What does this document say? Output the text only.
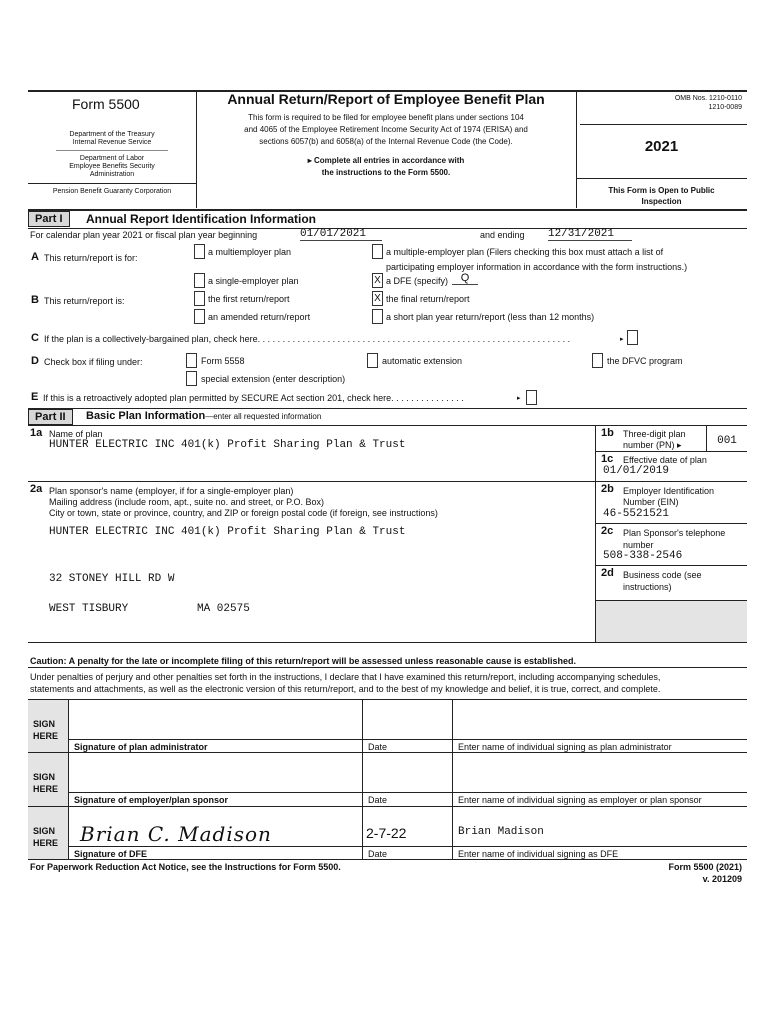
Form 5500
Department of the Treasury
Internal Revenue Service
Department of Labor
Employee Benefits Security
Administration
Pension Benefit Guaranty Corporation
Annual Return/Report of Employee Benefit Plan
This form is required to be filed for employee benefit plans under sections 104
and 4065 of the Employee Retirement Income Security Act of 1974 (ERISA) and
sections 6057(b) and 6058(a) of the Internal Revenue Code (the Code).
▸ Complete all entries in accordance with
the instructions to the Form 5500.
OMB Nos. 1210-0110
1210-0089
2021
This Form is Open to Public
Inspection
Part I	Annual Report Identification Information
For calendar plan year 2021 or fiscal plan year beginning	01/01/2021	and ending 12/31/2021
A This return/report is for:
a multiemployer plan	a multiple-employer plan (Filers checking this box must attach a list of
participating employer information in accordance with the form instructions.)
a single-employer plan	X a DFE (specify)	Q
B This return/report is:	the first return/report	X the final return/report
an amended return/report	a short plan year return/report (less than 12 months)
C If the plan is a collectively-bargained plan, check here. . . . . . . . . . . . . . . . . . . . . . . . . . . . . . . . . . . . . . . . . . . . . . . . . . . . . . . . . . . . . . .	▸
D Check box if filing under:	Form 5558	automatic extension	the DFVC program
special extension (enter description)
E If this is a retroactively adopted plan permitted by SECURE Act section 201, check here. . . . . . . . . . . . . . .	▸
Part II	Basic Plan Information—enter all requested information
1a Name of plan
HUNTER ELECTRIC INC 401(k) Profit Sharing Plan & Trust
1b Three-digit plan
number (PN) ▸	001
1c Effective date of plan
01/01/2019
2a Plan sponsor's name (employer, if for a single-employer plan)
Mailing address (include room, apt., suite no. and street, or P.O. Box)
City or town, state or province, country, and ZIP or foreign postal code (if foreign, see instructions)
HUNTER ELECTRIC INC 401(k) Profit Sharing Plan & Trust
32 STONEY HILL RD W
WEST TISBURY	MA 02575
2b Employer Identification
Number (EIN)
46-5521521
2c Plan Sponsor's telephone
number
508-338-2546
2d Business code (see
instructions)
Caution: A penalty for the late or incomplete filing of this return/report will be assessed unless reasonable cause is established.
Under penalties of perjury and other penalties set forth in the instructions, I declare that I have examined this return/report, including accompanying schedules,
statements and attachments, as well as the electronic version of this return/report, and to the best of my knowledge and belief, it is true, correct, and complete.
SIGN
HERE
Signature of plan administrator	Date	Enter name of individual signing as plan administrator
SIGN
HERE
Signature of employer/plan sponsor	Date	Enter name of individual signing as employer or plan sponsor
SIGN
HERE Brian C. Madison	2-7-22	Brian Madison
Signature of DFE	Date	Enter name of individual signing as DFE
For Paperwork Reduction Act Notice, see the Instructions for Form 5500.	Form 5500 (2021)
v. 201209
